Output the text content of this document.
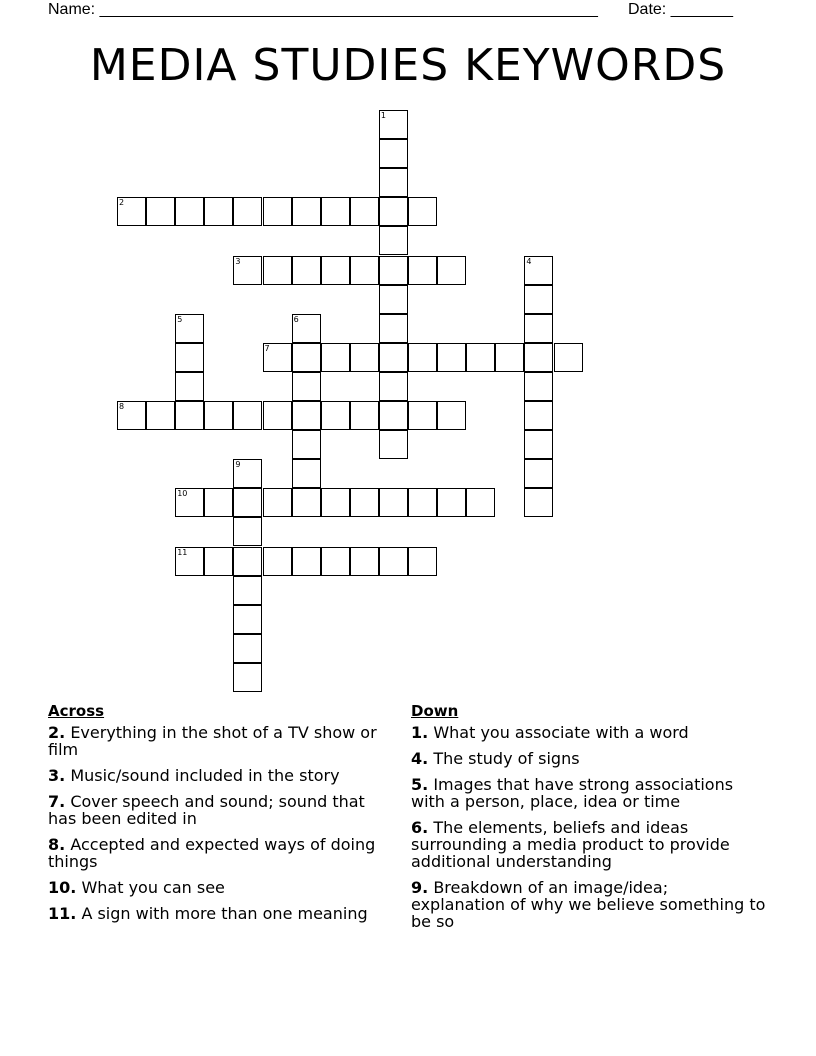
Name: ________________________________________________________ Date: _______
MEDIA STUDIES KEYWORDS
1
2
3	4
5	6
7
8
9
10
11
Across
2. Everything in the shot of a TV show or film
3. Music/sound included in the story
7. Cover speech and sound; sound that has been edited in
8. Accepted and expected ways of doing things
10. What you can see
11. A sign with more than one meaning
Down
1. What you associate with a word
4. The study of signs
5. Images that have strong associations with a person, place, idea or time
6. The elements, beliefs and ideas surrounding a media product to provide additional understanding
9. Breakdown of an image/idea; explanation of why we believe something to be so
